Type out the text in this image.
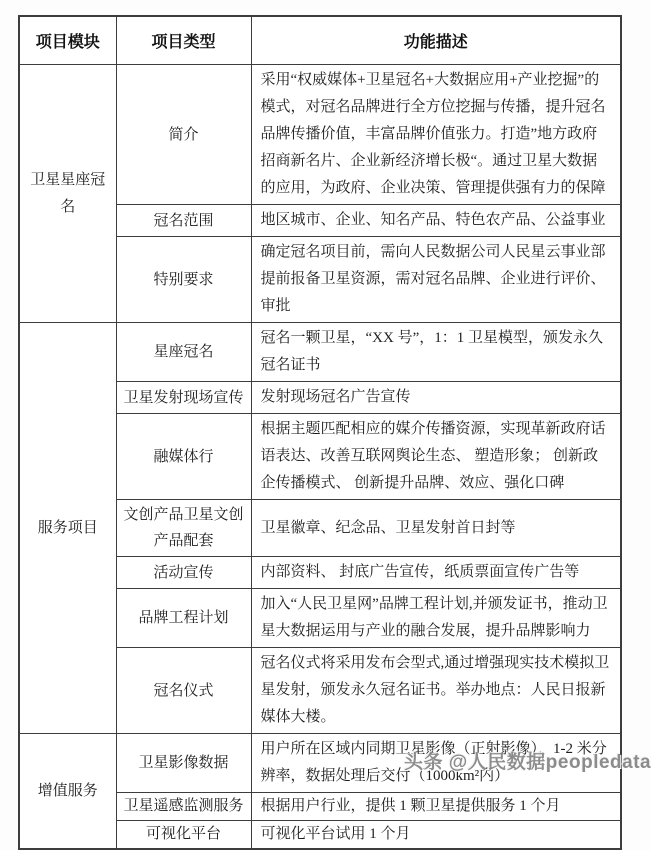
项目模块	项目类型	功能描述
卫星星座冠名	简介	采用“权威媒体+卫星冠名+大数据应用+产业挖掘”的模式，对冠名品牌进行全方位挖掘与传播，提升冠名品牌传播价值，丰富品牌价值张力。打造”地方政府招商新名片、企业新经济增长极“。通过卫星大数据的应用，为政府、企业决策、管理提供强有力的保障
	冠名范围	地区城市、企业、知名产品、特色农产品、公益事业
	特别要求	确定冠名项目前，需向人民数据公司人民星云事业部提前报备卫星资源，需对冠名品牌、企业进行评价、审批
服务项目	星座冠名	冠名一颗卫星，“XX 号”，1：1 卫星模型，颁发永久冠名证书
	卫星发射现场宣传	发射现场冠名广告宣传
	融媒体行	根据主题匹配相应的媒介传播资源，实现革新政府话语表达、改善互联网舆论生态、 塑造形象； 创新政企传播模式、 创新提升品牌、效应、强化口碑
	文创产品卫星文创产品配套	卫星徽章、纪念品、卫星发射首日封等
	活动宣传	内部资料、 封底广告宣传，纸质票面宣传广告等
	品牌工程计划	加入“人民卫星网”品牌工程计划,并颁发证书，推动卫星大数据运用与产业的融合发展，提升品牌影响力
	冠名仪式	冠名仪式将采用发布会型式,通过增强现实技术模拟卫星发射，颁发永久冠名证书。举办地点：人民日报新媒体大楼。
增值服务	卫星影像数据	用户所在区域内同期卫星影像（正射影像），1-2 米分辨率，数据处理后交付（1000km²内）
	卫星遥感监测服务	根据用户行业，提供 1 颗卫星提供服务 1 个月
	可视化平台	可视化平台试用 1 个月
头条 @人民数据peopledata
